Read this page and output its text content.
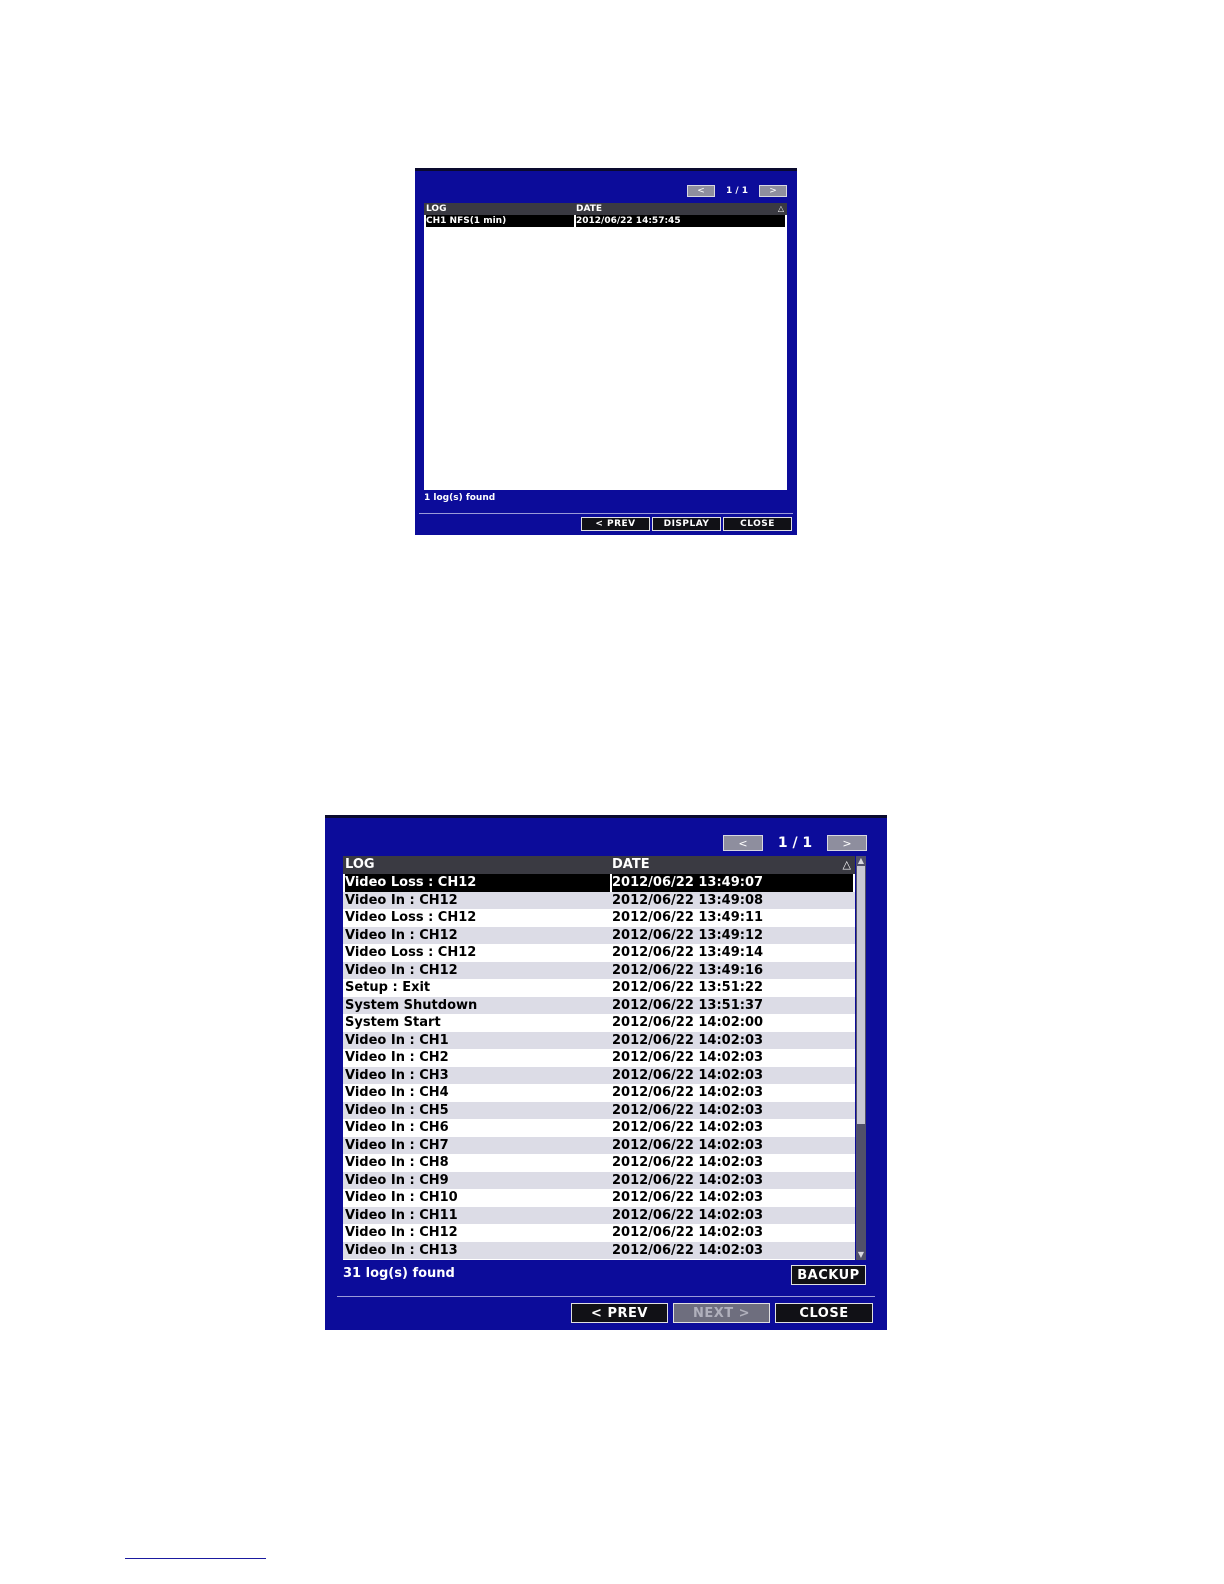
<	1 / 1	>
LOG	DATE	△
CH1 NFS(1 min)	2012/06/22 14:57:45
1 log(s) found
< PREV	DISPLAY	CLOSE
<	1 / 1	>
LOG	DATE	△
Video Loss : CH12	2012/06/22 13:49:07
Video In : CH12	2012/06/22 13:49:08
Video Loss : CH12	2012/06/22 13:49:11
Video In : CH12	2012/06/22 13:49:12
Video Loss : CH12	2012/06/22 13:49:14
Video In : CH12	2012/06/22 13:49:16
Setup : Exit	2012/06/22 13:51:22
System Shutdown	2012/06/22 13:51:37
System Start	2012/06/22 14:02:00
Video In : CH1	2012/06/22 14:02:03
Video In : CH2	2012/06/22 14:02:03
Video In : CH3	2012/06/22 14:02:03
Video In : CH4	2012/06/22 14:02:03
Video In : CH5	2012/06/22 14:02:03
Video In : CH6	2012/06/22 14:02:03
Video In : CH7	2012/06/22 14:02:03
Video In : CH8	2012/06/22 14:02:03
Video In : CH9	2012/06/22 14:02:03
Video In : CH10	2012/06/22 14:02:03
Video In : CH11	2012/06/22 14:02:03
Video In : CH12	2012/06/22 14:02:03
Video In : CH13	2012/06/22 14:02:03
▲
▼
31 log(s) found	BACKUP
< PREV	NEXT >	CLOSE
